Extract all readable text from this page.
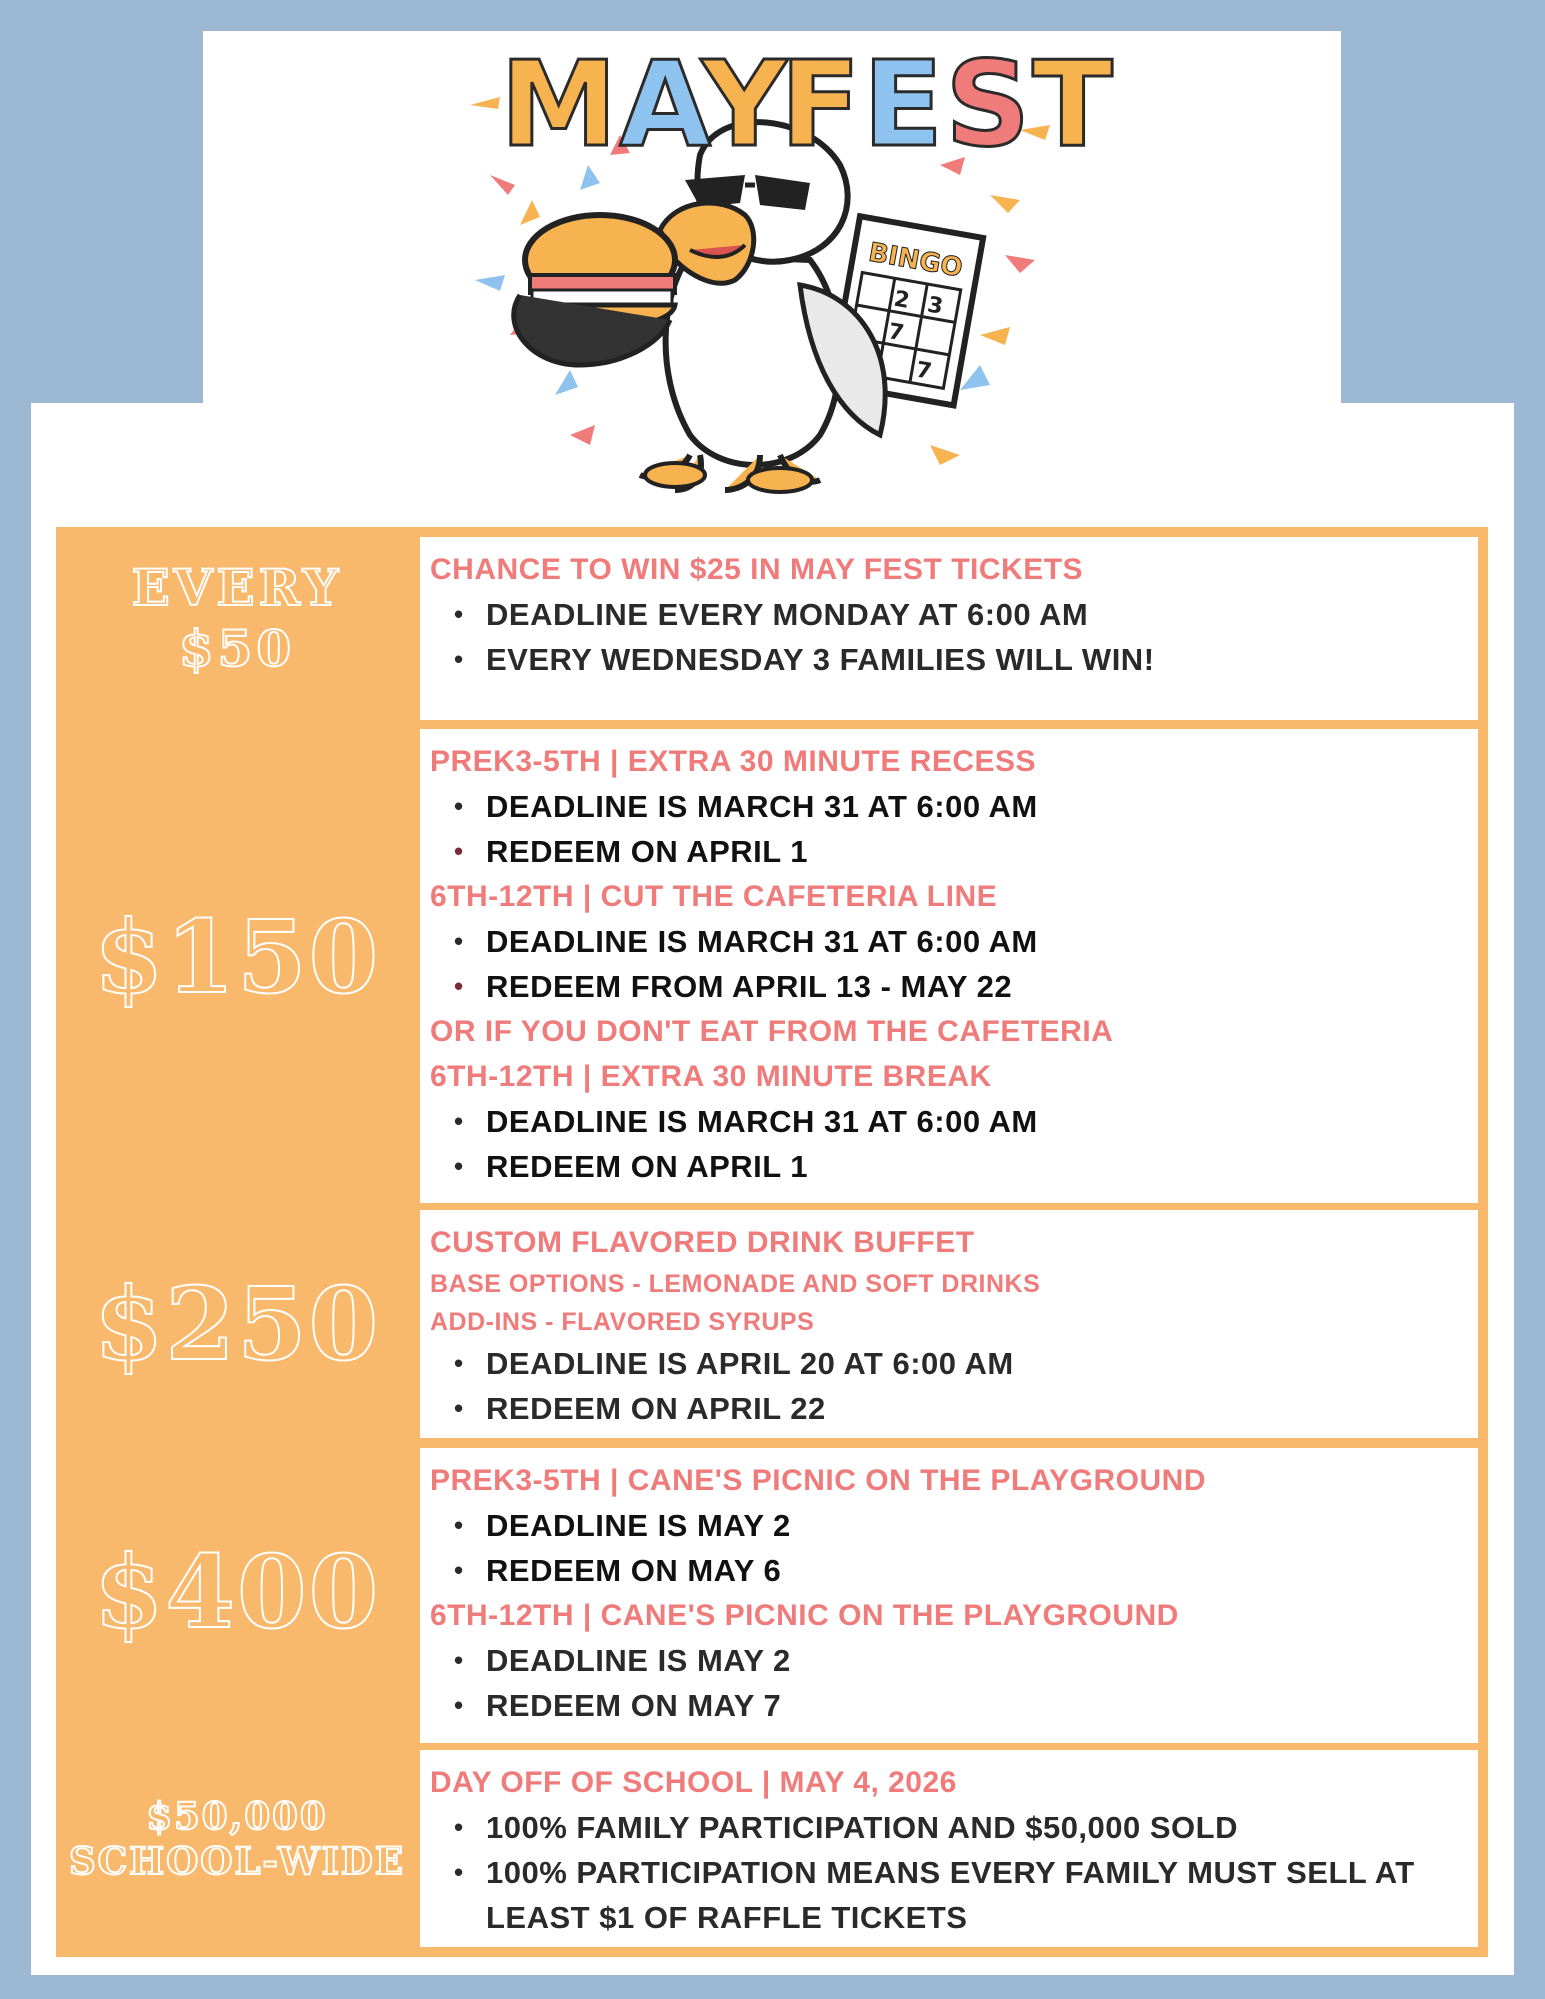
BINGO
2 3
7
7
MAY
FEST
EVERY
$50
CHANCE TO WIN $25 IN MAY FEST TICKETS
• DEADLINE EVERY MONDAY AT 6:00 AM
• EVERY WEDNESDAY 3 FAMILIES WILL WIN!
$150
PREK3-5TH | EXTRA 30 MINUTE RECESS
• DEADLINE IS MARCH 31 AT 6:00 AM
• REDEEM ON APRIL 1
6TH-12TH | CUT THE CAFETERIA LINE
• DEADLINE IS MARCH 31 AT 6:00 AM
• REDEEM FROM APRIL 13 - MAY 22
OR IF YOU DON'T EAT FROM THE CAFETERIA
6TH-12TH | EXTRA 30 MINUTE BREAK
• DEADLINE IS MARCH 31 AT 6:00 AM
• REDEEM ON APRIL 1
$250
CUSTOM FLAVORED DRINK BUFFET
BASE OPTIONS - LEMONADE AND SOFT DRINKS
ADD-INS - FLAVORED SYRUPS
• DEADLINE IS APRIL 20 AT 6:00 AM
• REDEEM ON APRIL 22
$400
PREK3-5TH | CANE'S PICNIC ON THE PLAYGROUND
• DEADLINE IS MAY 2
• REDEEM ON MAY 6
6TH-12TH | CANE'S PICNIC ON THE PLAYGROUND
• DEADLINE IS MAY 2
• REDEEM ON MAY 7
$50,000
SCHOOL-WIDE
DAY OFF OF SCHOOL | MAY 4, 2026
• 100% FAMILY PARTICIPATION AND $50,000 SOLD
• 100% PARTICIPATION MEANS EVERY FAMILY MUST SELL AT LEAST $1 OF RAFFLE TICKETS
